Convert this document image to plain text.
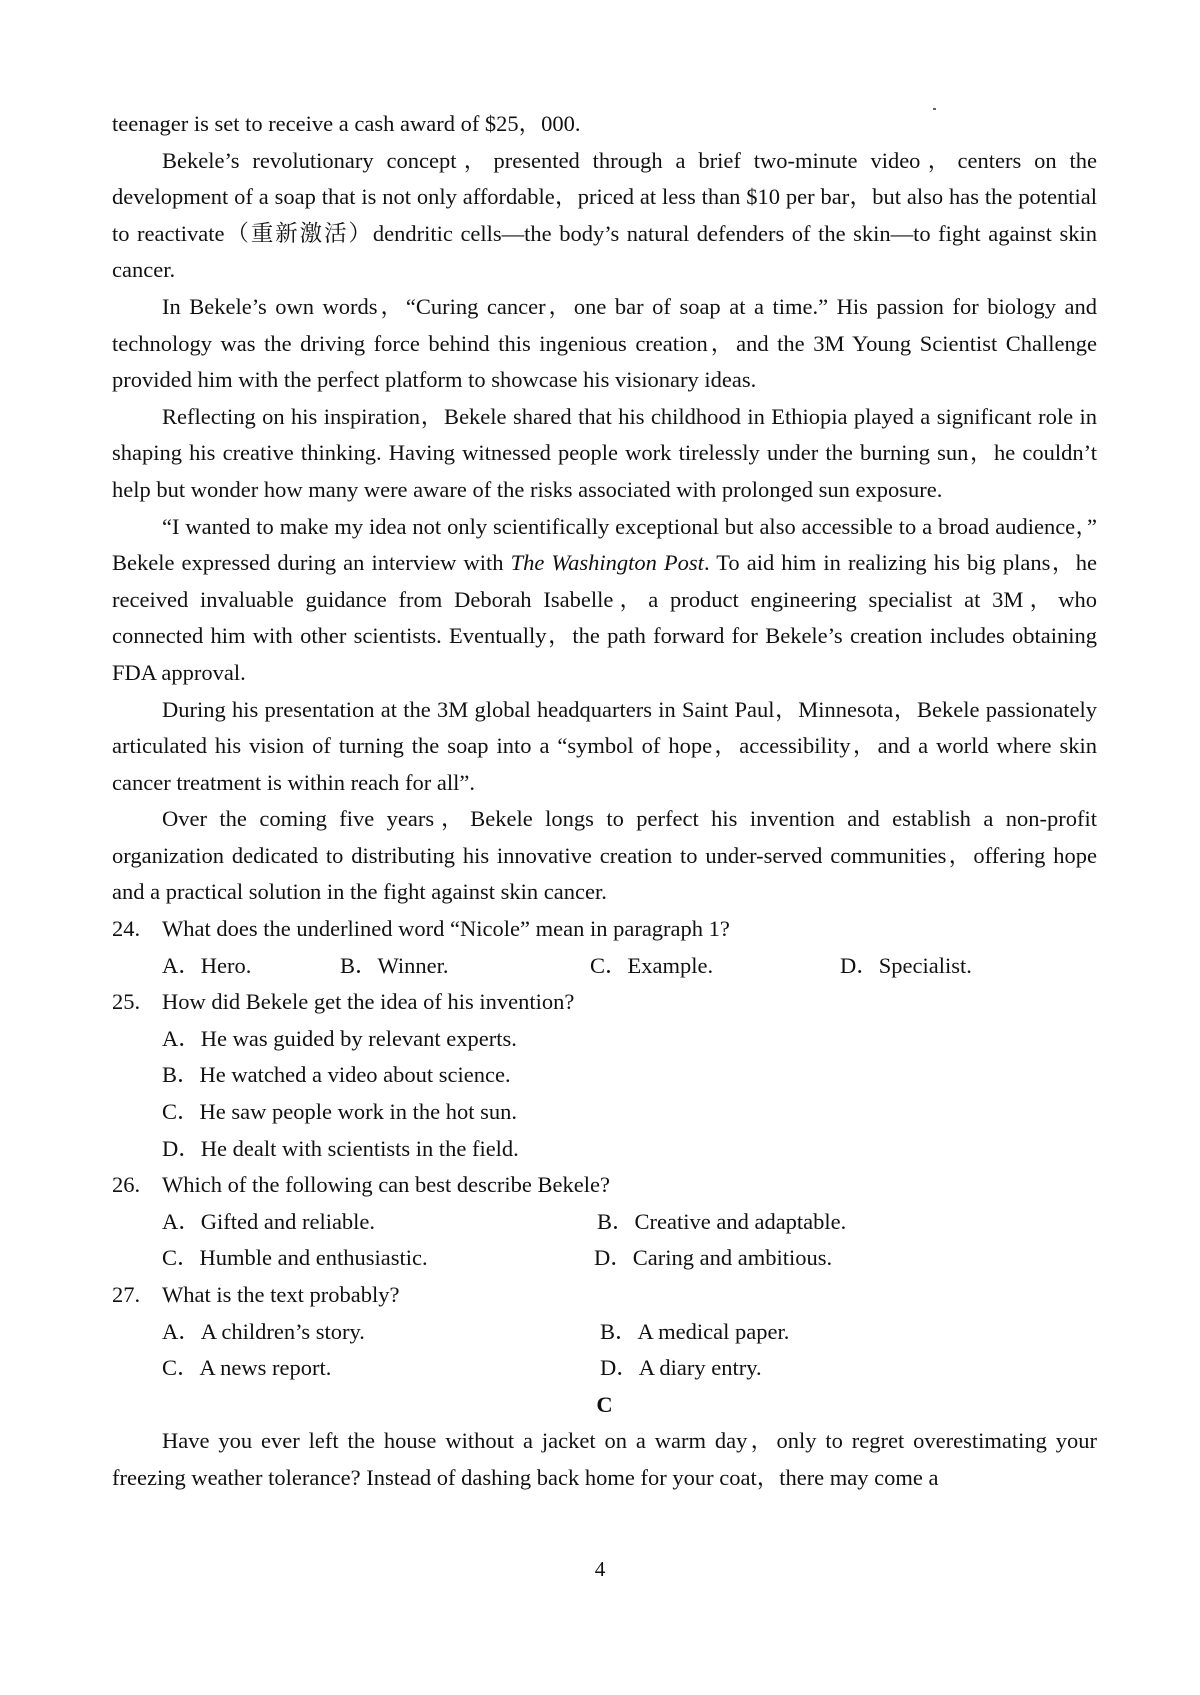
teenager is set to receive a cash award of $25，000.

Bekele’s revolutionary concept，presented through a brief two-minute video，centers on the development of a soap that is not only affordable，priced at less than $10 per bar，but also has the potential to reactivate（重新激活）dendritic cells—the body’s natural defenders of the skin—to fight against skin cancer.

In Bekele’s own words，“Curing cancer，one bar of soap at a time.” His passion for biology and technology was the driving force behind this ingenious creation，and the 3M Young Scientist Challenge provided him with the perfect platform to showcase his visionary ideas.

Reflecting on his inspiration，Bekele shared that his childhood in Ethiopia played a significant role in shaping his creative thinking. Having witnessed people work tirelessly under the burning sun，he couldn’t help but wonder how many were aware of the risks associated with prolonged sun exposure.

“I wanted to make my idea not only scientifically exceptional but also accessible to a broad audience，” Bekele expressed during an interview with The Washington Post. To aid him in realizing his big plans，he received invaluable guidance from Deborah Isabelle，a product engineering specialist at 3M，who connected him with other scientists. Eventually，the path forward for Bekele’s creation includes obtaining FDA approval.

During his presentation at the 3M global headquarters in Saint Paul，Minnesota，Bekele passionately articulated his vision of turning the soap into a “symbol of hope，accessibility，and a world where skin cancer treatment is within reach for all”.

Over the coming five years，Bekele longs to perfect his invention and establish a non-profit organization dedicated to distributing his innovative creation to under-served communities，offering hope and a practical solution in the fight against skin cancer.

24. What does the underlined word “Nicole” mean in paragraph 1?

A．Hero.	B．Winner.	C．Example.	D．Specialist.

25. How did Bekele get the idea of his invention?

A．He was guided by relevant experts.

B．He watched a video about science.

C．He saw people work in the hot sun.

D．He dealt with scientists in the field.

26. Which of the following can best describe Bekele?

A．Gifted and reliable.	B．Creative and adaptable.
C．Humble and enthusiastic.	D．Caring and ambitious.

27. What is the text probably?

A．A children’s story.	B．A medical paper.
C．A news report.	D．A diary entry.

C

Have you ever left the house without a jacket on a warm day，only to regret overestimating your freezing weather tolerance? Instead of dashing back home for your coat，there may come a

4
